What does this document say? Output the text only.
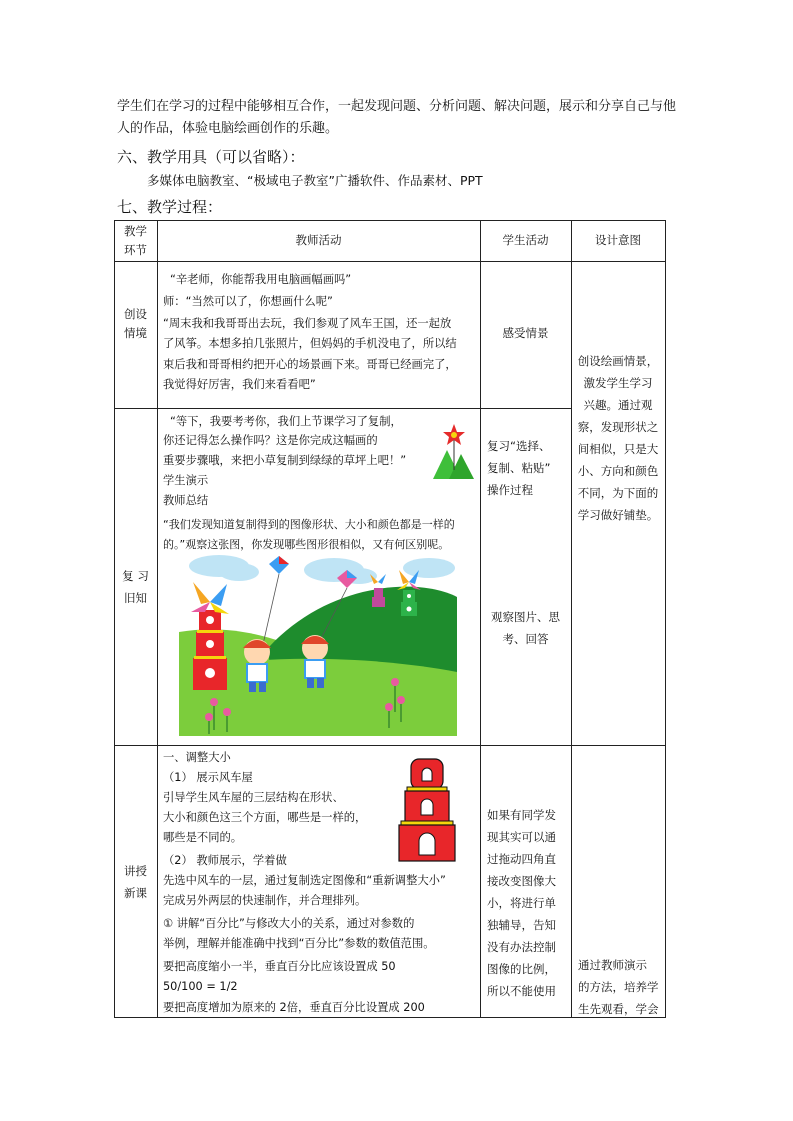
学生们在学习的过程中能够相互合作，一起发现问题、分析问题、解决问题，展示和分享自己与他人的作品，体验电脑绘画创作的乐趣。
六、教学用具（可以省略）：
多媒体电脑教室、“极域电子教室”广播软件、作品素材、PPT
七、教学过程：
教学
环节
教师活动	学生活动	设计意图
创设
情境
“辛老师，你能帮我用电脑画幅画吗”
师：“当然可以了，你想画什么呢”
“周末我和我哥哥出去玩，我们参观了风车王国，还一起放
了风筝。本想多拍几张照片，但妈妈的手机没电了，所以结
束后我和哥哥相约把开心的场景画下来。哥哥已经画完了，
我觉得好厉害，我们来看看吧”
感受情景
创设绘画情景，
激发学生学习
兴趣。通过观
察，发现形状之
间相似，只是大
小、方向和颜色
不同，为下面的
学习做好铺垫。
复 习
旧知
“等下，我要考考你，我们上节课学习了复制，
你还记得怎么操作吗？这是你完成这幅画的
重要步骤哦，来把小草复制到绿绿的草坪上吧！”
学生演示
教师总结
“我们发现知道复制得到的图像形状、大小和颜色都是一样的
的。”观察这张图，你发现哪些图形很相似，又有何区别呢。
复习“选择、
复制、粘贴”
操作过程
观察图片、思
考、回答
讲授
新课
一、调整大小
（1） 展示风车屋
引导学生风车屋的三层结构在形状、
大小和颜色这三个方面，哪些是一样的，
哪些是不同的。
（2） 教师展示，学着做
先选中风车的一层，通过复制选定图像和“重新调整大小”
完成另外两层的快速制作，并合理排列。
① 讲解“百分比”与修改大小的关系，通过对参数的
举例，理解并能准确中找到“百分比”参数的数值范围。
要把高度缩小一半，垂直百分比应该设置成 50
50/100 = 1/2
要把高度增加为原来的 2倍，垂直百分比设置成 200
如果有同学发
现其实可以通
过拖动四角直
接改变图像大
小，将进行单
独辅导，告知
没有办法控制
图像的比例，
所以不能使用
通过教师演示
的方法，培养学
生先观看，学会
